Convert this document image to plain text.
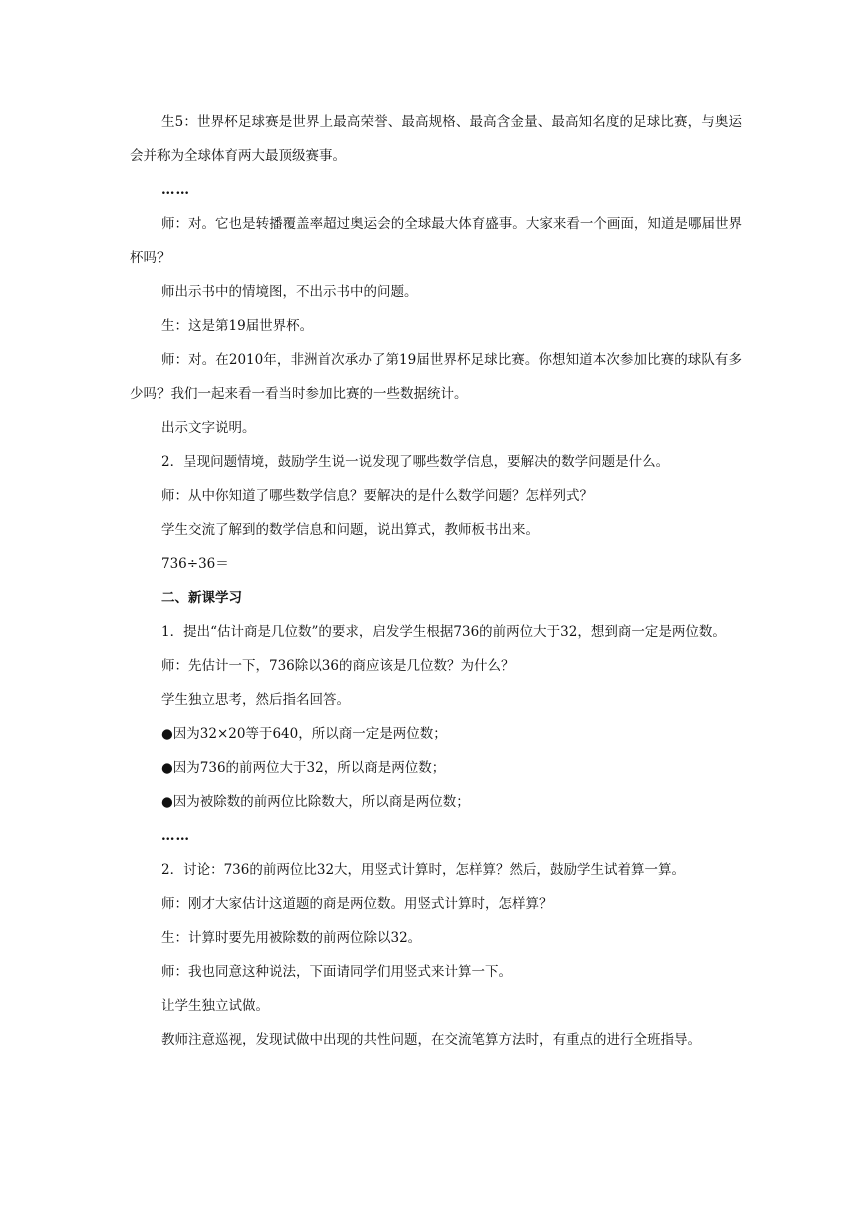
生5：世界杯足球赛是世界上最高荣誉、最高规格、最高含金量、最高知名度的足球比赛，与奥运会并称为全球体育两大最顶级赛事。

……

师：对。它也是转播覆盖率超过奥运会的全球最大体育盛事。大家来看一个画面，知道是哪届世界杯吗？

师出示书中的情境图，不出示书中的问题。

生：这是第19届世界杯。

师：对。在2010年，非洲首次承办了第19届世界杯足球比赛。你想知道本次参加比赛的球队有多少吗？我们一起来看一看当时参加比赛的一些数据统计。

出示文字说明。

2．呈现问题情境，鼓励学生说一说发现了哪些数学信息，要解决的数学问题是什么。

师：从中你知道了哪些数学信息？要解决的是什么数学问题？怎样列式？

学生交流了解到的数学信息和问题，说出算式，教师板书出来。

736÷36＝

二、新课学习

1．提出“估计商是几位数”的要求，启发学生根据736的前两位大于32，想到商一定是两位数。

师：先估计一下，736除以36的商应该是几位数？为什么？

学生独立思考，然后指名回答。

●因为32×20等于640，所以商一定是两位数；

●因为736的前两位大于32，所以商是两位数；

●因为被除数的前两位比除数大，所以商是两位数；

……

2．讨论：736的前两位比32大，用竖式计算时，怎样算？然后，鼓励学生试着算一算。

师：刚才大家估计这道题的商是两位数。用竖式计算时，怎样算？

生：计算时要先用被除数的前两位除以32。

师：我也同意这种说法，下面请同学们用竖式来计算一下。

让学生独立试做。

教师注意巡视，发现试做中出现的共性问题，在交流笔算方法时，有重点的进行全班指导。
